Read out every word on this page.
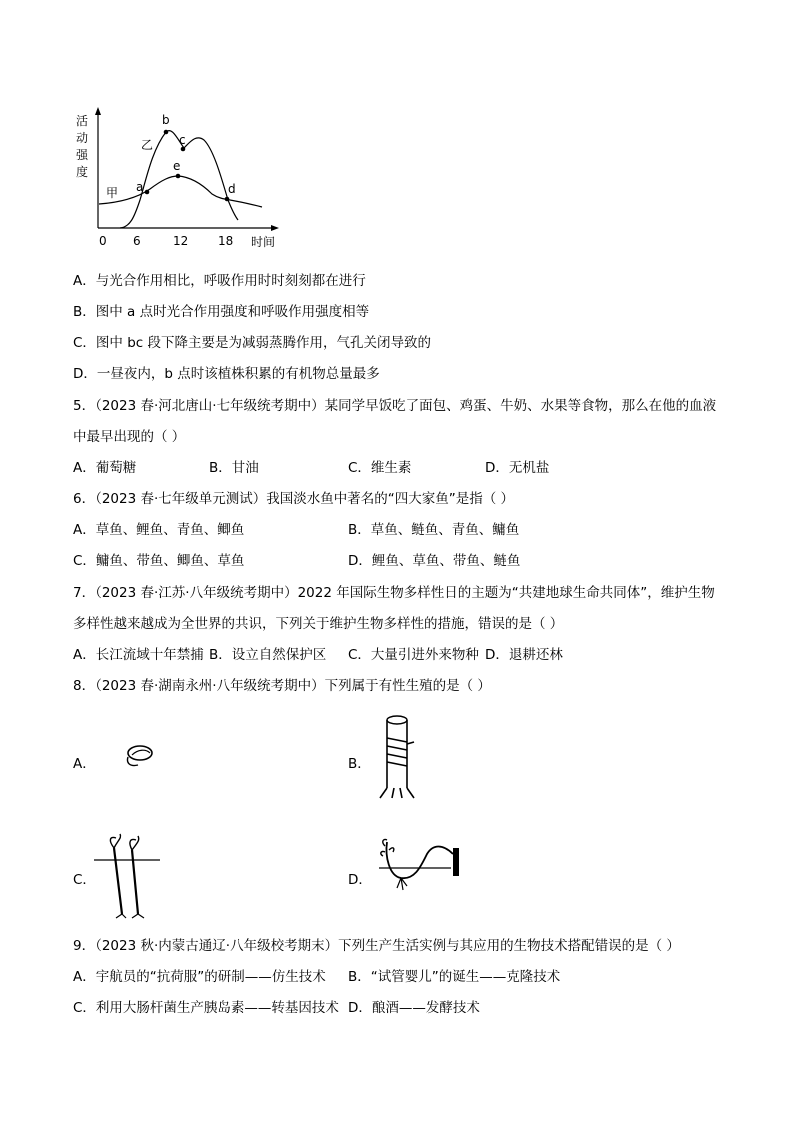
活
动
强
度
a
b
c
e
d
乙
甲
0 6	12 18 时间
A．与光合作用相比，呼吸作用时时刻刻都在进行
B．图中 a 点时光合作用强度和呼吸作用强度相等
C．图中 bc 段下降主要是为减弱蒸腾作用，气孔关闭导致的
D．一昼夜内，b 点时该植株积累的有机物总量最多
5．（2023 春·河北唐山·七年级统考期中）某同学早饭吃了面包、鸡蛋、牛奶、水果等食物，那么在他的血液
中最早出现的（ ）
A．葡萄糖	B．甘油	C．维生素	D．无机盐
6．（2023 春·七年级单元测试）我国淡水鱼中著名的“四大家鱼”是指（ ）
A．草鱼、鲤鱼、青鱼、鲫鱼	B．草鱼、鲢鱼、青鱼、鳙鱼
C．鳙鱼、带鱼、鲫鱼、草鱼	D．鲤鱼、草鱼、带鱼、鲢鱼
7．（2023 春·江苏·八年级统考期中）2022 年国际生物多样性日的主题为“共建地球生命共同体”，维护生物
多样性越来越成为全世界的共识，下列关于维护生物多样性的措施，错误的是（ ）
A．长江流域十年禁捕 B．设立自然保护区 C．大量引进外来物种 D．退耕还林
8．（2023 春·湖南永州·八年级统考期中）下列属于有性生殖的是（ ）
A．	B．
C．	D．
9．（2023 秋·内蒙古通辽·八年级校考期末）下列生产生活实例与其应用的生物技术搭配错误的是（ ）
A．宇航员的“抗荷服”的研制——仿生技术 B．“试管婴儿”的诞生——克隆技术
C．利用大肠杆菌生产胰岛素——转基因技术 D．酿酒——发酵技术
